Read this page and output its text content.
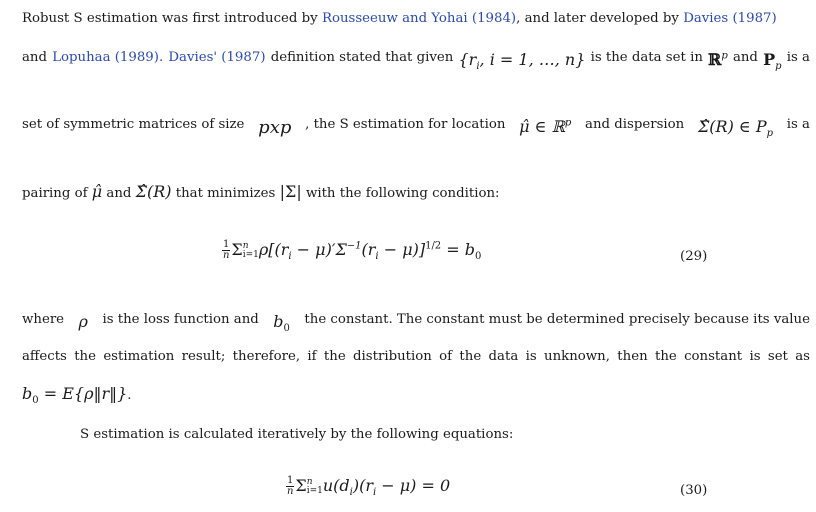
Robust S estimation was first introduced by Rousseeuw and Yohai (1984), and later developed by Davies (1987)
and Lopuhaa (1989). Davies' (1987) definition stated that given {$r_i$, i = 1, …, n} is the data set in ℝ$^p$ and $P_p$
is a
set of symmetric matrices of size pxp , the S estimation for location μ̂ ∈ ℝ$^p$ and dispersion Σ̂(R) ∈ $P_p$
is a
pairing of μ̂ and Σ̂(R) that minimizes |Σ| with the following condition:
$\frac{1}{n}$ Σ n
i=1 $\rho[(r_i - \mu)'\Sigma^{-1}(r_i - \mu)]^{1/2} = b_0$	(29)
where ρ is the loss function and $b_0$
the constant. The constant must be determined precisely because its value
affects the estimation result; therefore, if the distribution of the data is unknown, then the constant is set as
$b_0$ = E{ρ‖r‖}.
S estimation is calculated iteratively by the following equations:
$\frac{1}{n}$ Σ n
i=1 $u(d_i)(r_i - \mu) = 0$	(30)
